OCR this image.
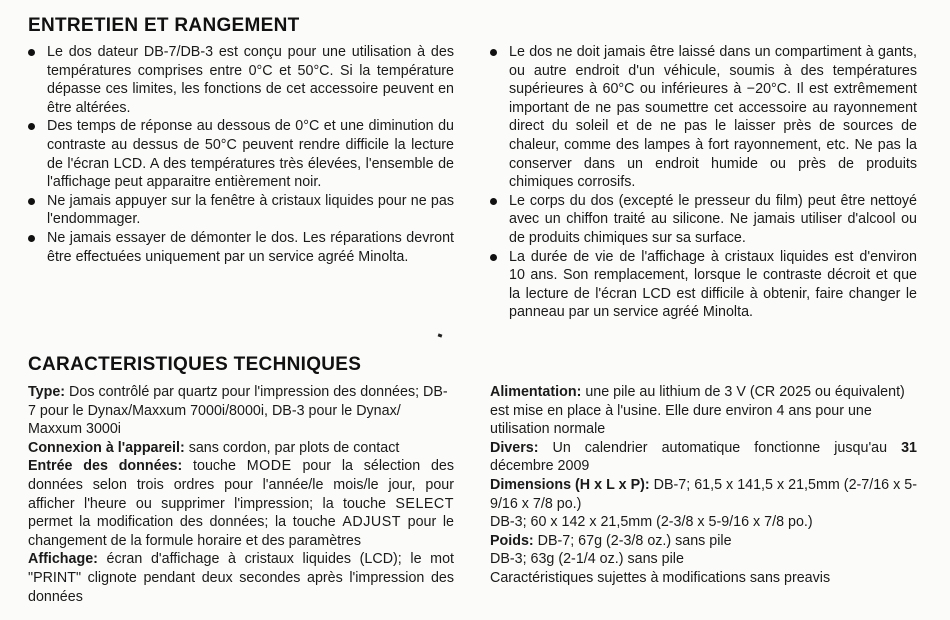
ENTRETIEN ET RANGEMENT
Le dos dateur DB-7/DB-3 est conçu pour une utilisation à des températures comprises entre 0°C et 50°C. Si la température dépasse ces limites, les fonctions de cet accessoire peuvent en être altérées.
Des temps de réponse au dessous de 0°C et une diminution du contraste au dessus de 50°C peuvent rendre difficile la lecture de l'écran LCD. A des températures très élevées, l'ensemble de l'affichage peut apparaitre entièrement noir.
Ne jamais appuyer sur la fenêtre à cristaux liquides pour ne pas l'endommager.
Ne jamais essayer de démonter le dos. Les réparations devront être effectuées uniquement par un service agréé Minolta.
Le dos ne doit jamais être laissé dans un compartiment à gants, ou autre endroit d'un véhicule, soumis à des températures supérieures à 60°C ou inférieures à −20°C. Il est extrêmement important de ne pas soumettre cet accessoire au rayonnement direct du soleil et de ne pas le laisser près de sources de chaleur, comme des lampes à fort rayonnement, etc. Ne pas la conserver dans un endroit humide ou près de produits chimiques corrosifs.
Le corps du dos (excepté le presseur du film) peut être nettoyé avec un chiffon traité au silicone. Ne jamais utiliser d'alcool ou de produits chimiques sur sa surface.
La durée de vie de l'affichage à cristaux liquides est d'environ 10 ans. Son remplacement, lorsque le contraste décroit et que la lecture de l'écran LCD est difficile à obtenir, faire changer le panneau par un service agréé Minolta.
CARACTERISTIQUES TECHNIQUES

Type: Dos contrôlé par quartz pour l'impression des données; DB-7 pour le Dynax/Maxxum 7000i/8000i, DB-3 pour le Dynax/ Maxxum 3000i

Connexion à l'appareil: sans cordon, par plots de contact

Entrée des données: touche MODE pour la sélection des données selon trois ordres pour l'année/le mois/le jour, pour afficher l'heure ou supprimer l'impression; la touche SELECT permet la modification des données; la touche ADJUST pour le changement de la formule horaire et des paramètres

Affichage: écran d'affichage à cristaux liquides (LCD); le mot "PRINT" clignote pendant deux secondes après l'impression des données

Alimentation: une pile au lithium de 3 V (CR 2025 ou équivalent) est mise en place à l'usine. Elle dure environ 4 ans pour une utilisation normale

Divers: Un calendrier automatique fonctionne jusqu'au 31 décembre 2009

Dimensions (H x L x P): DB-7; 61,5 x 141,5 x 21,5mm (2-7/16 x 5-9/16 x 7/8 po.)

DB-3; 60 x 142 x 21,5mm (2-3/8 x 5-9/16 x 7/8 po.)

Poids: DB-7; 67g (2-3/8 oz.) sans pile

DB-3; 63g (2-1/4 oz.) sans pile

Caractéristiques sujettes à modifications sans preavis
